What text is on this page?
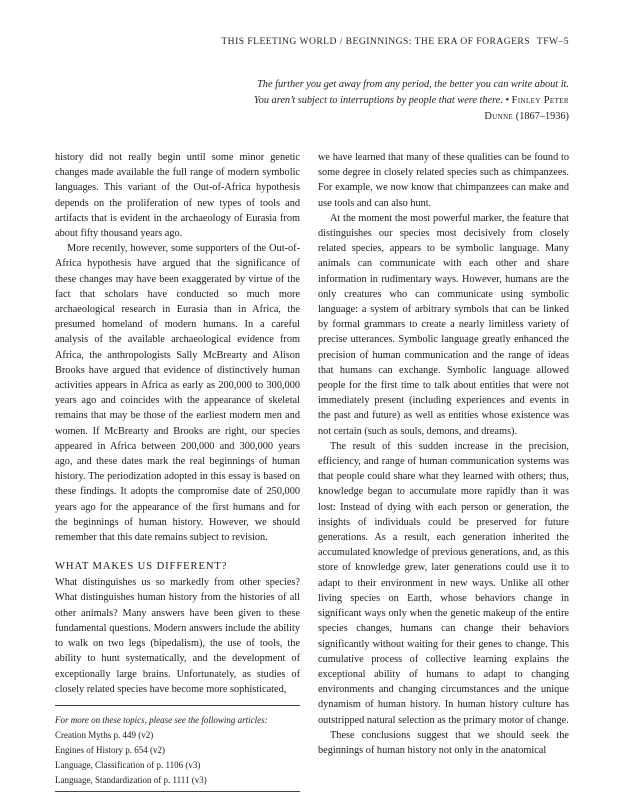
THIS FLEETING WORLD / BEGINNINGS: THE ERA OF FORAGERS TFW–5
The further you get away from any period, the better you can write about it. You aren’t subject to interruptions by people that were there. • Finley Peter Dunne (1867–1936)

history did not really begin until some minor genetic changes made available the full range of modern symbolic languages. This variant of the Out-of-Africa hypothesis depends on the proliferation of new types of tools and artifacts that is evident in the archaeology of Eurasia from about fifty thousand years ago.

More recently, however, some supporters of the Out-of-Africa hypothesis have argued that the significance of these changes may have been exaggerated by virtue of the fact that scholars have conducted so much more archaeological research in Eurasia than in Africa, the presumed homeland of modern humans. In a careful analysis of the available archaeological evidence from Africa, the anthropologists Sally McBrearty and Alison Brooks have argued that evidence of distinctively human activities appears in Africa as early as 200,000 to 300,000 years ago and coincides with the appearance of skeletal remains that may be those of the earliest modern men and women. If McBrearty and Brooks are right, our species appeared in Africa between 200,000 and 300,000 years ago, and these dates mark the real beginnings of human history. The periodization adopted in this essay is based on these findings. It adopts the compromise date of 250,000 years ago for the appearance of the first humans and for the beginnings of human history. However, we should remember that this date remains subject to revision.

WHAT MAKES US DIFFERENT?

What distinguishes us so markedly from other species? What distinguishes human history from the histories of all other animals? Many answers have been given to these fundamental questions. Modern answers include the ability to walk on two legs (bipedalism), the use of tools, the ability to hunt systematically, and the development of exceptionally large brains. Unfortunately, as studies of closely related species have become more sophisticated,

For more on these topics, please see the following articles:
Creation Myths p. 449 (v2)
Engines of History p. 654 (v2)
Language, Classification of p. 1106 (v3)
Language, Standardization of p. 1111 (v3)

we have learned that many of these qualities can be found to some degree in closely related species such as chimpanzees. For example, we now know that chimpanzees can make and use tools and can also hunt.

At the moment the most powerful marker, the feature that distinguishes our species most decisively from closely related species, appears to be symbolic language. Many animals can communicate with each other and share information in rudimentary ways. However, humans are the only creatures who can communicate using symbolic language: a system of arbitrary symbols that can be linked by formal grammars to create a nearly limitless variety of precise utterances. Symbolic language greatly enhanced the precision of human communication and the range of ideas that humans can exchange. Symbolic language allowed people for the first time to talk about entities that were not immediately present (including experiences and events in the past and future) as well as entities whose existence was not certain (such as souls, demons, and dreams).

The result of this sudden increase in the precision, efficiency, and range of human communication systems was that people could share what they learned with others; thus, knowledge began to accumulate more rapidly than it was lost: Instead of dying with each person or generation, the insights of individuals could be preserved for future generations. As a result, each generation inherited the accumulated knowledge of previous generations, and, as this store of knowledge grew, later generations could use it to adapt to their environment in new ways. Unlike all other living species on Earth, whose behaviors change in significant ways only when the genetic makeup of the entire species changes, humans can change their behaviors significantly without waiting for their genes to change. This cumulative process of collective learning explains the exceptional ability of humans to adapt to changing environments and changing circumstances and the unique dynamism of human history. In human history culture has outstripped natural selection as the primary motor of change.

These conclusions suggest that we should seek the beginnings of human history not only in the anatomical
